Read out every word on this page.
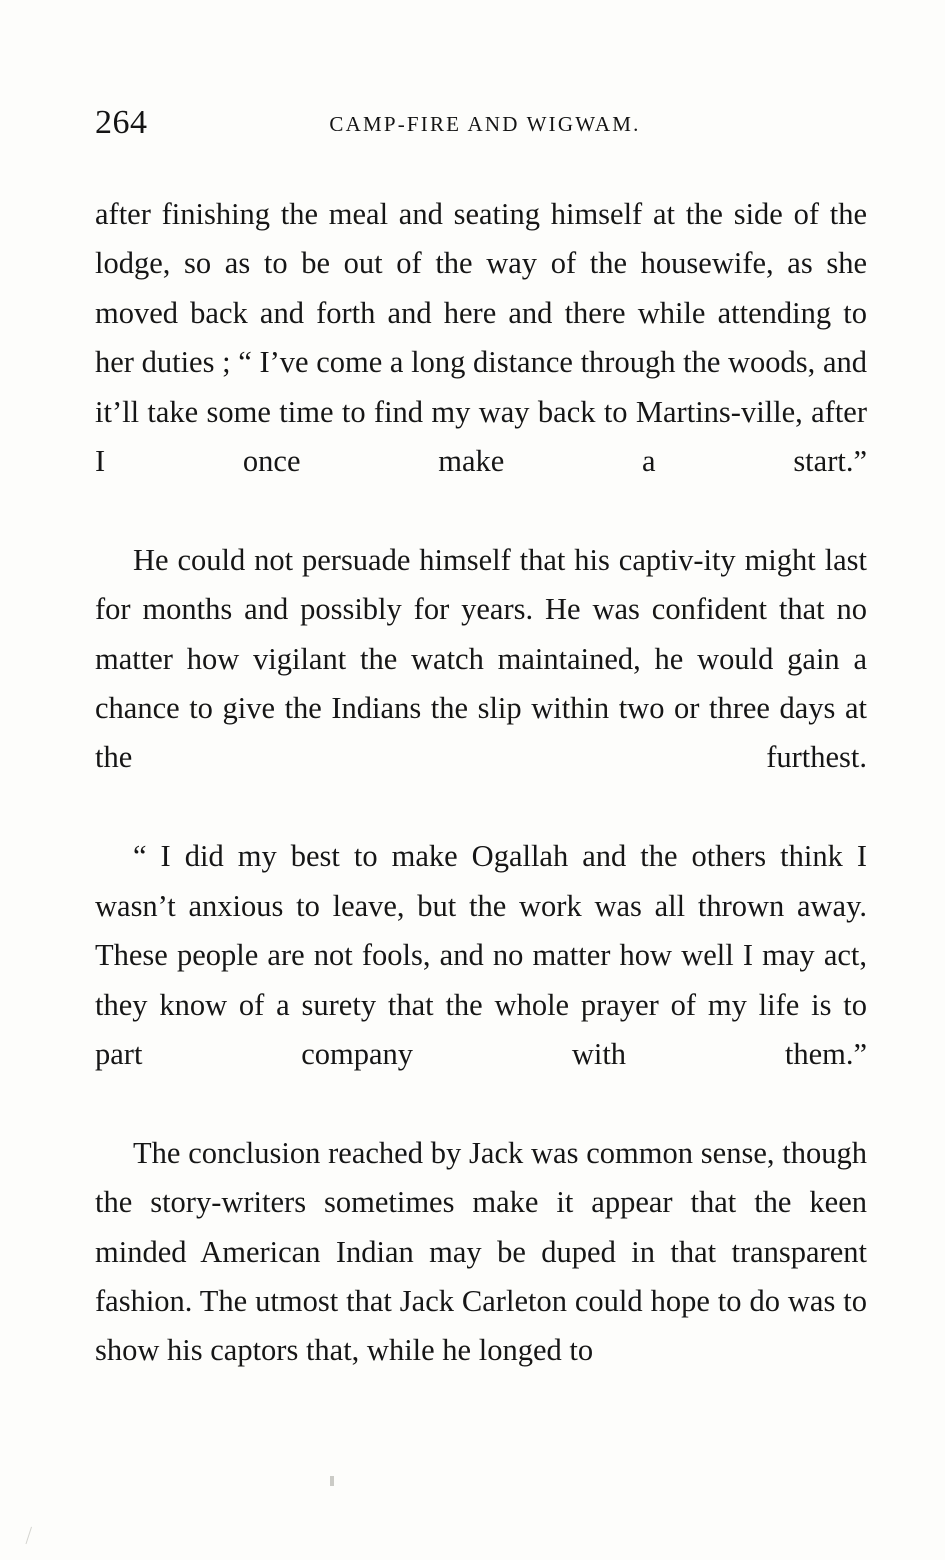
264	CAMP-FIRE AND WIGWAM.

after finishing the meal and seating himself at the side of the lodge, so as to be out of the way of the housewife, as she moved back and forth and here and there while attending to her duties ; “ I’ve come a long distance through the woods, and it’ll take some time to find my way back to Martins-ville, after I once make a start.”

He could not persuade himself that his captiv-ity might last for months and possibly for years. He was confident that no matter how vigilant the watch maintained, he would gain a chance to give the Indians the slip within two or three days at the furthest.

“ I did my best to make Ogallah and the others think I wasn’t anxious to leave, but the work was all thrown away. These people are not fools, and no matter how well I may act, they know of a surety that the whole prayer of my life is to part company with them.”

The conclusion reached by Jack was common sense, though the story-writers sometimes make it appear that the keen minded American Indian may be duped in that transparent fashion. The utmost that Jack Carleton could hope to do was to show his captors that, while he longed to
